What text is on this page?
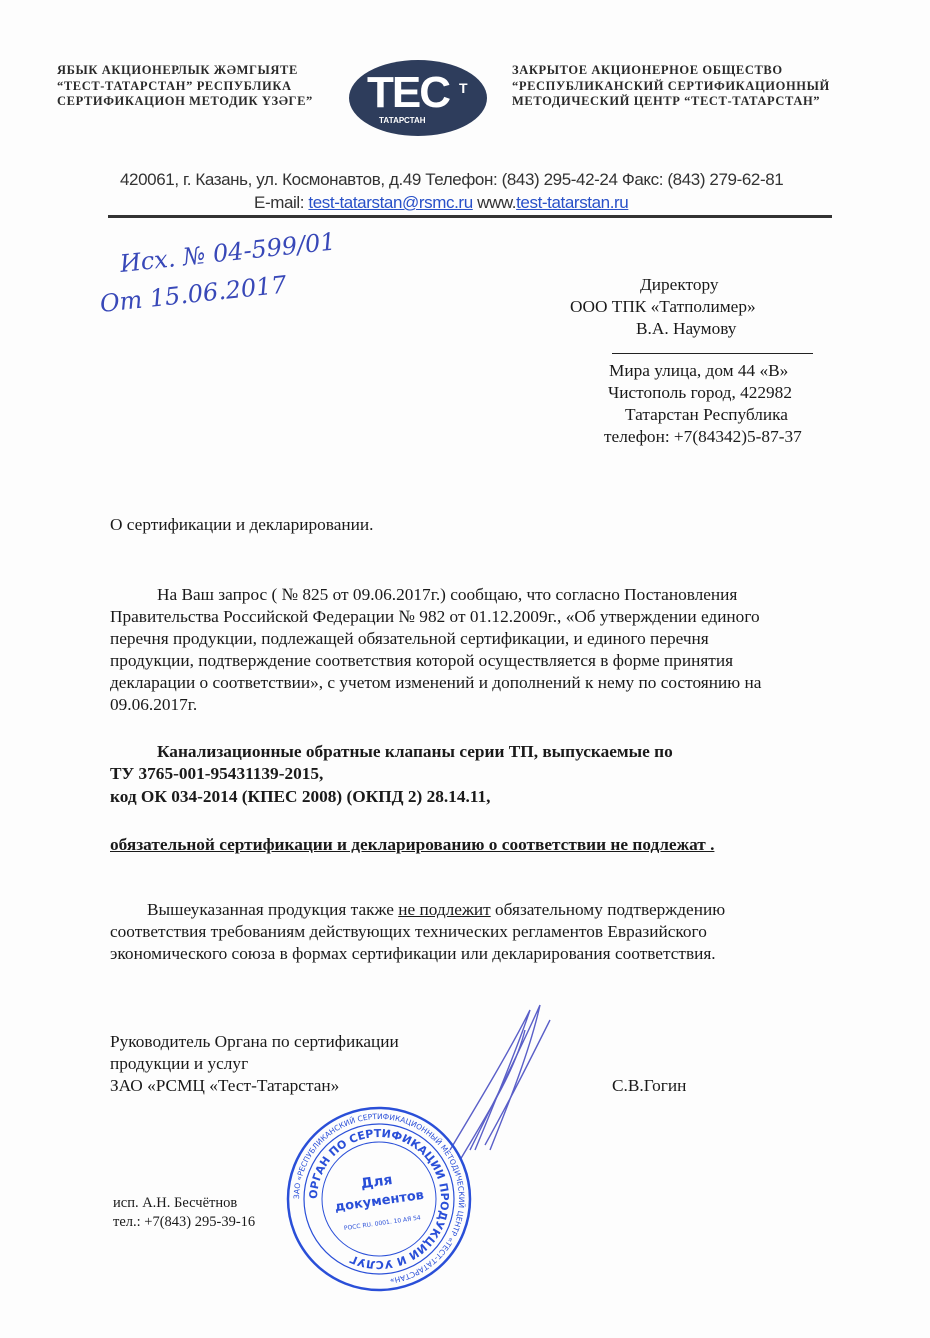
ЯБЫК АКЦИОНЕРЛЫК ЖӘМГЫЯТЕ
“ТЕСТ-ТАТАРСТАН” РЕСПУБЛИКА
СЕРТИФИКАЦИОН МЕТОДИК ҮЗӘГЕ” ТЕС Т
ТАТАРСТАН
ЗАКРЫТОЕ АКЦИОНЕРНОЕ ОБЩЕСТВО
“РЕСПУБЛИКАНСКИЙ СЕРТИФИКАЦИОННЫЙ
МЕТОДИЧЕСКИЙ ЦЕНТР “ТЕСТ-ТАТАРСТАН”
420061, г. Казань, ул. Космонавтов, д.49 Телефон: (843) 295-42-24 Факс: (843) 279-62-81
E-mail: test-tatarstan@rsmc.ru www.test-tatarstan.ru
Исх. № 04-599/01
От 15.06.2017	Директору
ООО ТПК «Татполимер»
В.А. Наумову
Мира улица, дом 44 «В»
Чистополь город, 422982
Татарстан Республика
телефон: +7(84342)5-87-37
О сертификации и декларировании.
На Ваш запрос ( № 825 от 09.06.2017г.) сообщаю, что согласно Постановления
Правительства Российской Федерации № 982 от 01.12.2009г., «Об утверждении единого
перечня продукции, подлежащей обязательной сертификации, и единого перечня
продукции, подтверждение соответствия которой осуществляется в форме принятия
декларации о соответствии», с учетом изменений и дополнений к нему по состоянию на
09.06.2017г.
Канализационные обратные клапаны серии ТП, выпускаемые по
ТУ 3765-001-95431139-2015,
код ОК 034-2014 (КПЕС 2008) (ОКПД 2) 28.14.11,
обязательной сертификации и декларированию о соответствии не подлежат .
Вышеуказанная продукция также не подлежит обязательному подтверждению
соответствия требованиям действующих технических регламентов Евразийского
экономического союза в формах сертификации или декларирования соответствия.
Руководитель Органа по сертификации
продукции и услуг
ЗАО «РСМЦ «Тест-Татарстан»	С.В.Гогин
ЗАО «РЕСПУБЛИКАНСКИЙ СЕРТИФИКАЦИОННЫЙ МЕТОДИЧЕСКИЙ ЦЕНТР «ТЕСТ-ТАТАРСТАН»
ОРГАН ПО СЕРТИФИКАЦИИ ПРОДУКЦИИ И УСЛУГ
Для
документов
РОСС RU. 0001. 10 АЯ 54
исп. А.Н. Бесчётнов
тел.: +7(843) 295-39-16
